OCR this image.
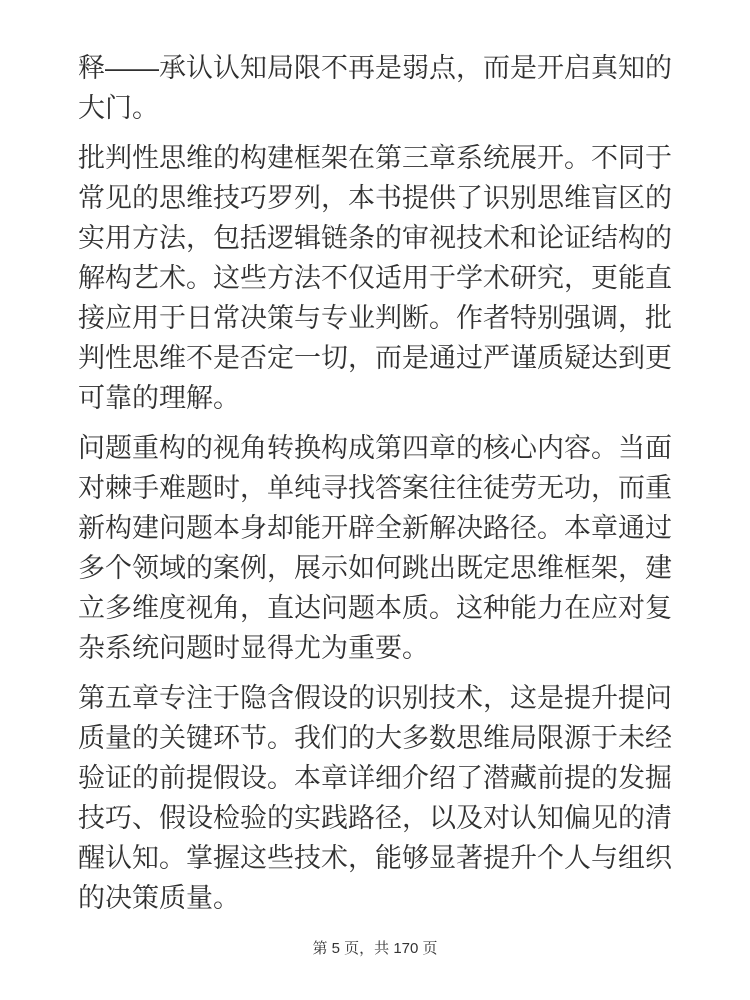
释——承认认知局限不再是弱点，而是开启真知的大门。

批判性思维的构建框架在第三章系统展开。不同于常见的思维技巧罗列，本书提供了识别思维盲区的实用方法，包括逻辑链条的审视技术和论证结构的解构艺术。这些方法不仅适用于学术研究，更能直接应用于日常决策与专业判断。作者特别强调，批判性思维不是否定一切，而是通过严谨质疑达到更可靠的理解。

问题重构的视角转换构成第四章的核心内容。当面对棘手难题时，单纯寻找答案往往徒劳无功，而重新构建问题本身却能开辟全新解决路径。本章通过多个领域的案例，展示如何跳出既定思维框架，建立多维度视角，直达问题本质。这种能力在应对复杂系统问题时显得尤为重要。

第五章专注于隐含假设的识别技术，这是提升提问质量的关键环节。我们的大多数思维局限源于未经验证的前提假设。本章详细介绍了潜藏前提的发掘技巧、假设检验的实践路径，以及对认知偏见的清醒认知。掌握这些技术，能够显著提升个人与组织的决策质量。

第 5 页，共 170 页
